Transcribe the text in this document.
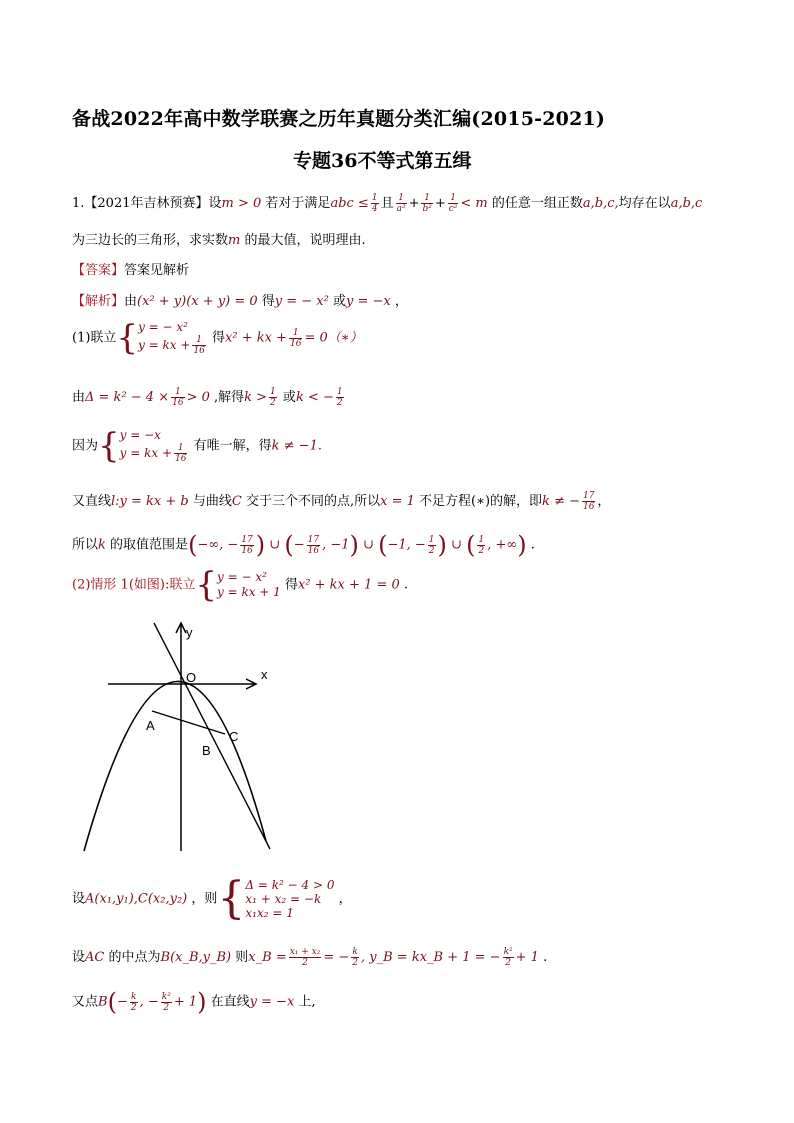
备战2022年高中数学联赛之历年真题分类汇编(2015-2021)
专题36不等式第五缉
1.【2021年吉林预赛】设m > 0 若对于满足abc ≤ $\frac{1}{4}$ 且 $\frac{1}{\text{a²}} + \frac{1}{\text{b²}} + \frac{1}{\text{c²}} < m$ 的任意一组正数a,b,c,均存在以a,b,c
为三边长的三角形，求实数m 的最大值，说明理由.
【答案】答案见解析
【解析】由(x² + y)(x + y) = 0 得y = − x² 或y = −x ，
(1)联立{ y = − x²
y = kx + $\frac{1}{16}$ 得x² + kx + $\frac{1}{16}$ = 0（∗）
由$\Delta = k^2 - 4 \times \frac{1}{16} > 0$ ,解得$k > \frac{1}{2}$ 或k < − $\frac{1}{2}$
因为{ y = −x
y = kx + $\frac{1}{16}$ 有唯一解，得k ≠ −1.
又直线l:y = kx + b 与曲线C 交于三个不同的点,所以x = 1 不足方程(∗)的解，即k ≠ − $\frac{17}{16}$ ，
所以k 的取值范围是(−∞, − $\frac{17}{16}$ ) ∪ (− $\frac{17}{16}$ , −1) ∪ (−1, − $\frac{1}{2}$ ) ∪ ( $\frac{1}{2}$ , +∞) .
(2)情形 1(如图):联立{ y = − x²
y = kx + 1 得x² + kx + 1 = 0 .
O
y
x
A
B
C
设A(x₁,y₁),C(x₂,y₂) ，则{ Δ = k² − 4 > 0
x₁ + x₂ = −k
x₁x₂ = 1
，
设AC 的中点为B(x_B,y_B) 则x_B = $\frac{\text{x₁ + x₂}}{2}$ = − $\frac{k}{2}$ , y_B = kx_B + 1 = − $\frac{\text{k²}}{2} + 1$ .
又点$B(- \frac{k}{2}$ , − $\frac{\text{k²}}{2} + 1$) 在直线y = −x 上,
